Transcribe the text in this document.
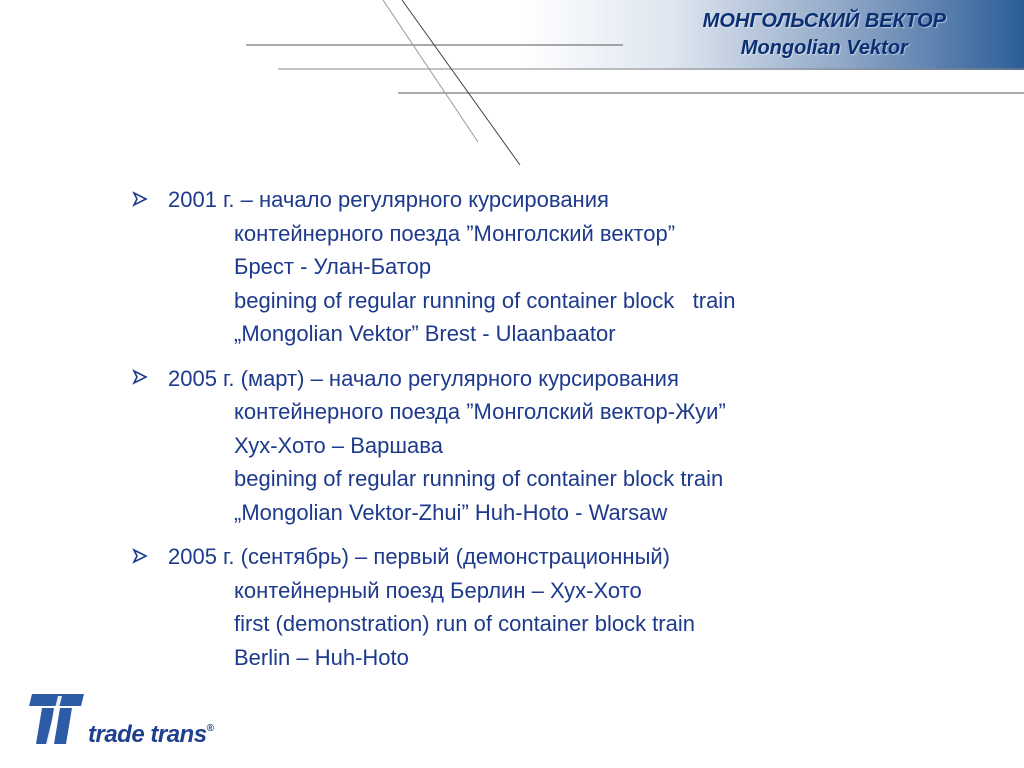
МОНГОЛЬСКИЙ ВЕКТОР
Mongolian Vektor
2001 г. – начало регулярного курсирования
контейнерного поезда ”Монголский вектор”
Брест - Улан-Батор
begining of regular running of container block   train
„Mongolian Vektor” Brest - Ulaanbaator
2005 г. (март) – начало регулярного курсирования
контейнерного поезда ”Монголский вектор-Жуи”
Хух-Хото – Варшава
begining of regular running of container block train
„Mongolian Vektor-Zhui” Huh-Hoto - Warsaw
2005 г. (сентябрь) – первый (демонстрационный)
контейнерный поезд Берлин – Хух-Хото
first (demonstration) run of container block train
Berlin – Huh-Hoto
trade trans®
